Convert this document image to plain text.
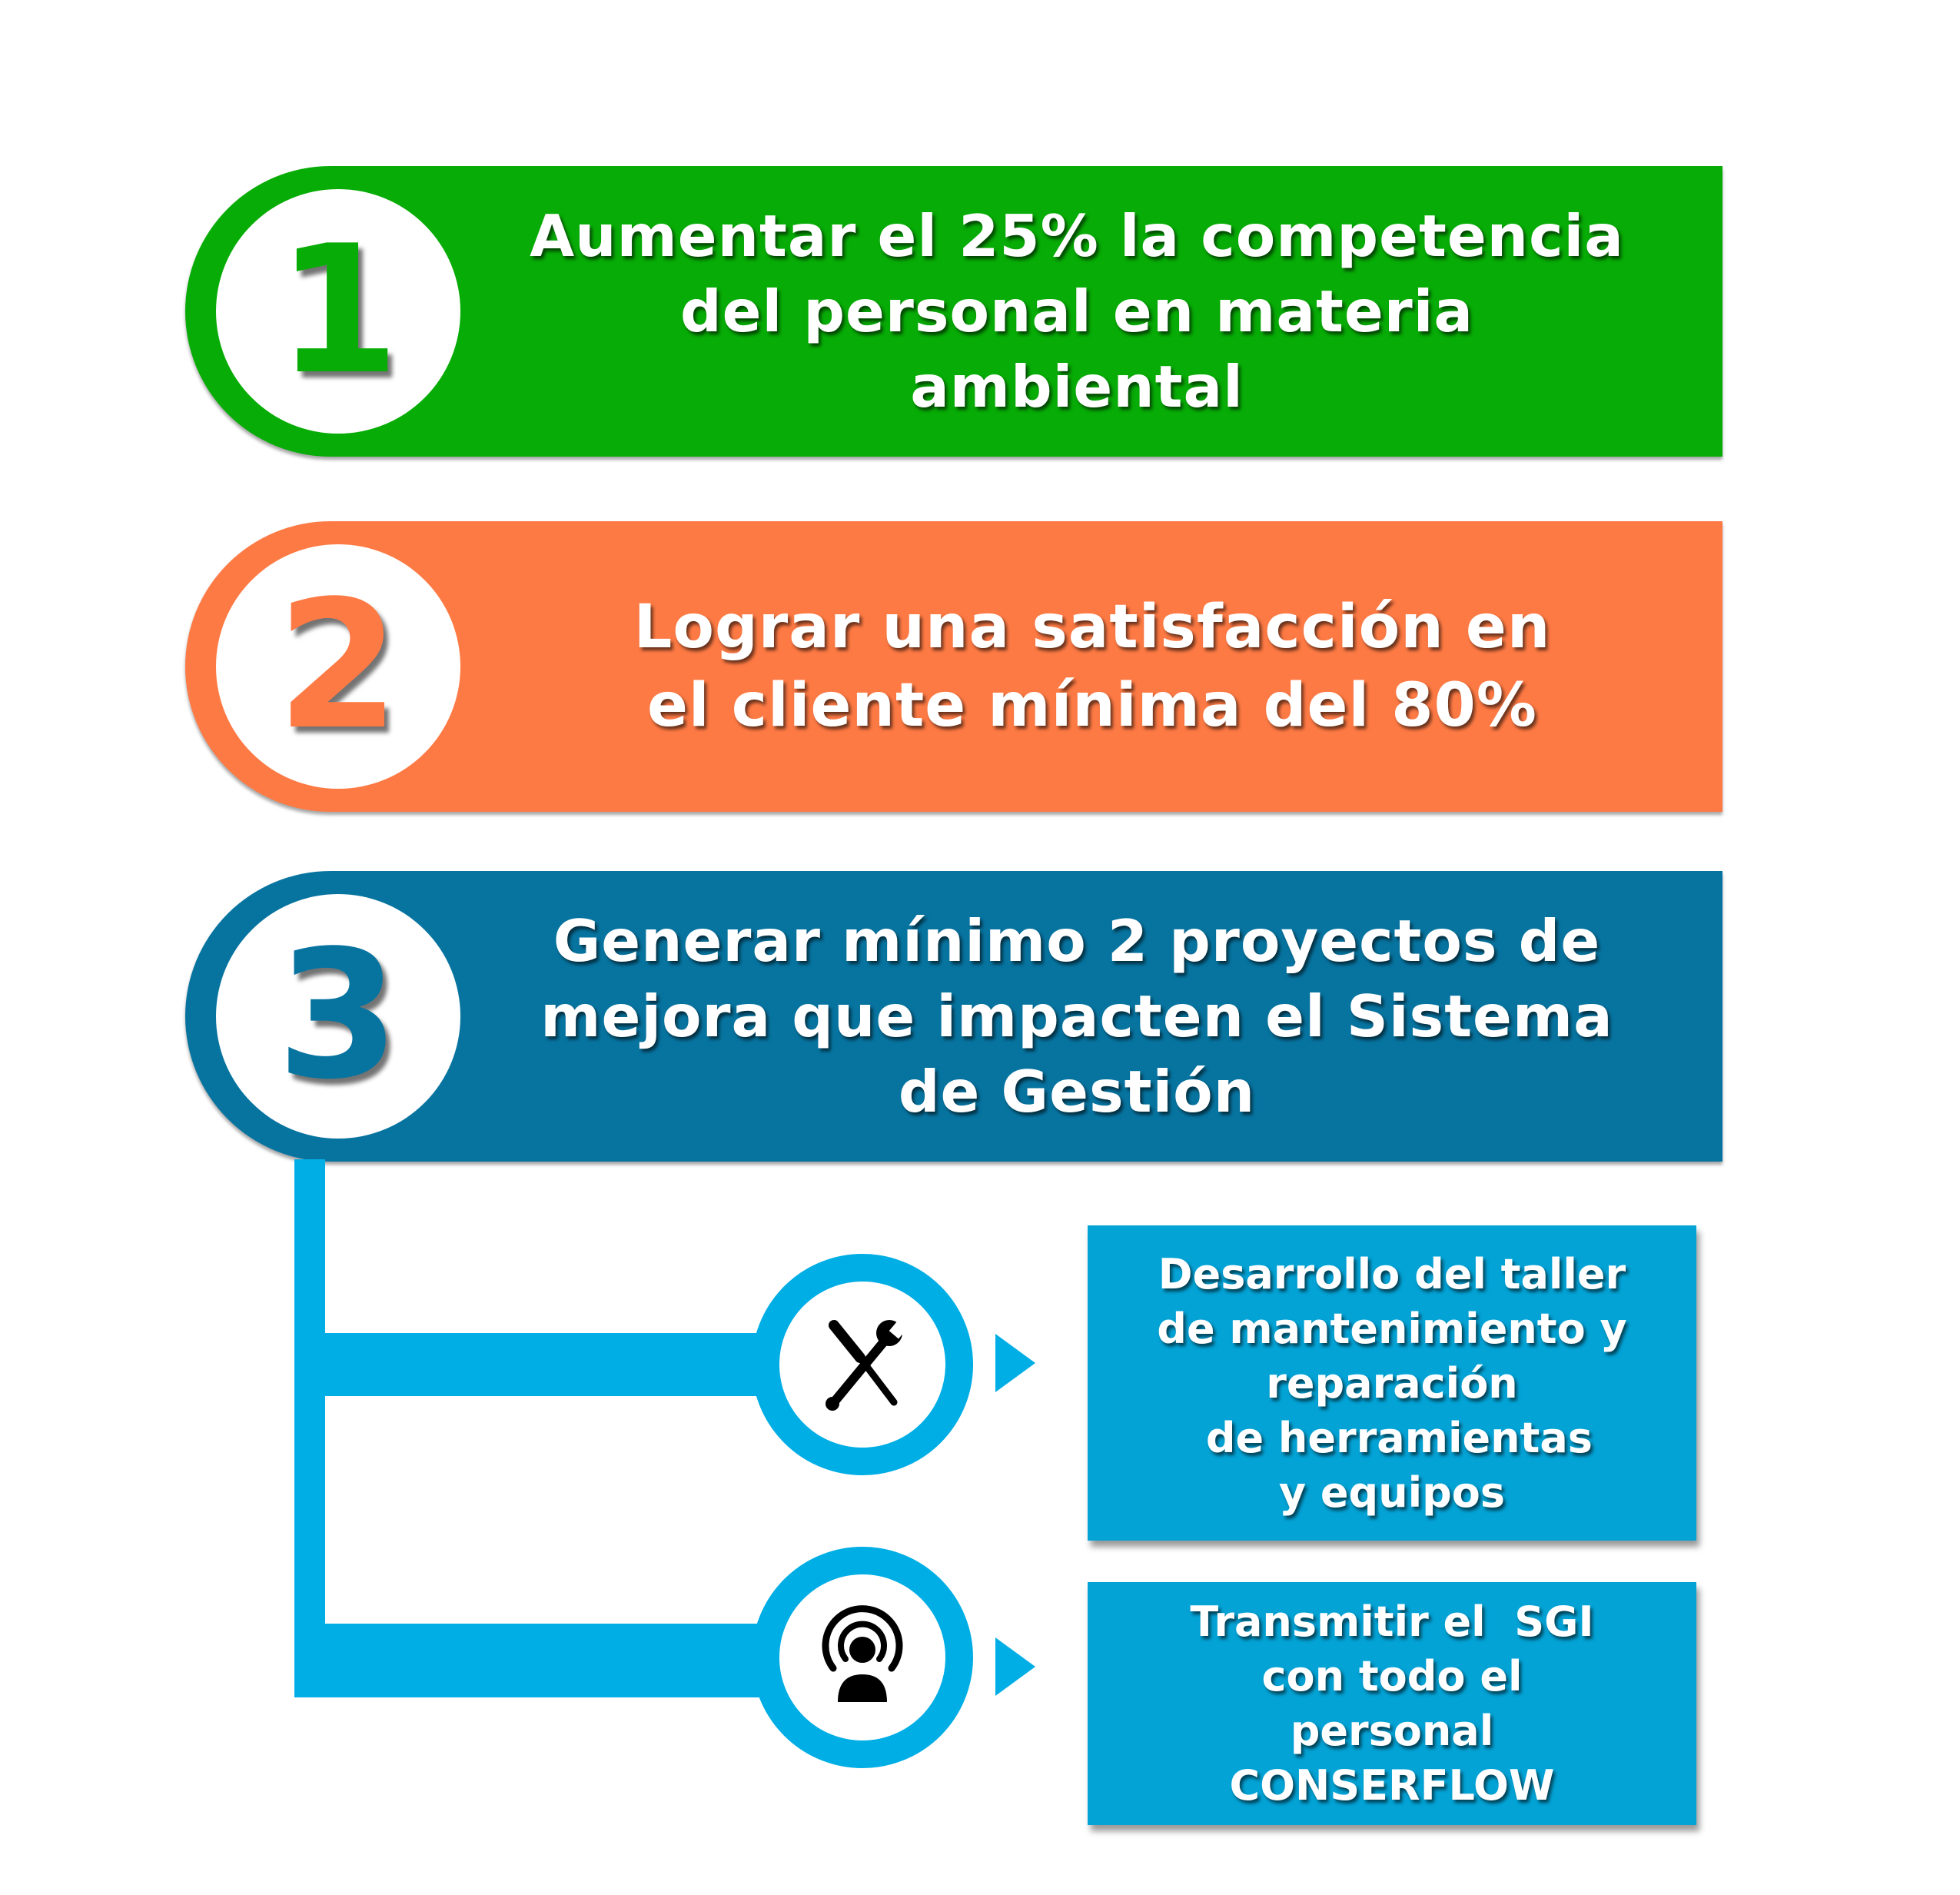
1 Aumentar el 25% la competencia
del personal en materia
ambiental
2	Lograr una satisfacción en
el cliente mínima del 80%
3	Generar mínimo 2 proyectos de
mejora que impacten el Sistema
de Gestión
Desarrollo del taller
de mantenimiento y
reparación
de herramientas
y equipos
Transmitir el  SGI
con todo el
personal
CONSERFLOW
